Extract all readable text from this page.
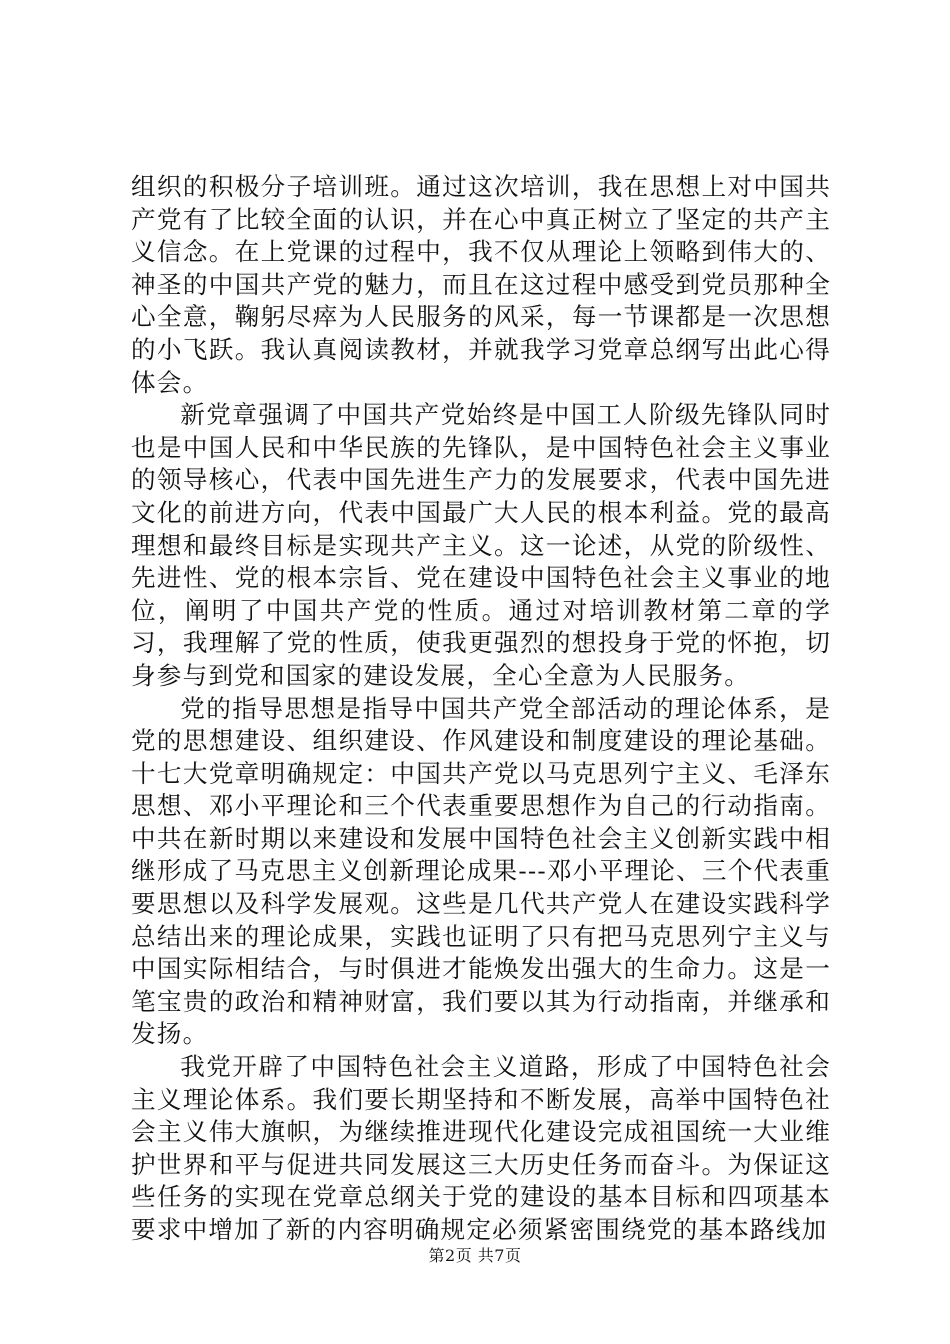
组织的积极分子培训班。通过这次培训，我在思想上对中国共产党有了比较全面的认识，并在心中真正树立了坚定的共产主义信念。在上党课的过程中，我不仅从理论上领略到伟大的、神圣的中国共产党的魅力，而且在这过程中感受到党员那种全心全意，鞠躬尽瘁为人民服务的风采，每一节课都是一次思想的小飞跃。我认真阅读教材，并就我学习党章总纲写出此心得体会。

新党章强调了中国共产党始终是中国工人阶级先锋队同时也是中国人民和中华民族的先锋队，是中国特色社会主义事业的领导核心，代表中国先进生产力的发展要求，代表中国先进文化的前进方向，代表中国最广大人民的根本利益。党的最高理想和最终目标是实现共产主义。这一论述，从党的阶级性、先进性、党的根本宗旨、党在建设中国特色社会主义事业的地位，阐明了中国共产党的性质。通过对培训教材第二章的学习，我理解了党的性质，使我更强烈的想投身于党的怀抱，切身参与到党和国家的建设发展，全心全意为人民服务。

党的指导思想是指导中国共产党全部活动的理论体系，是党的思想建设、组织建设、作风建设和制度建设的理论基础。十七大党章明确规定：中国共产党以马克思列宁主义、毛泽东思想、邓小平理论和三个代表重要思想作为自己的行动指南。中共在新时期以来建设和发展中国特色社会主义创新实践中相继形成了马克思主义创新理论成果---邓小平理论、三个代表重要思想以及科学发展观。这些是几代共产党人在建设实践科学总结出来的理论成果，实践也证明了只有把马克思列宁主义与中国实际相结合，与时俱进才能焕发出强大的生命力。这是一笔宝贵的政治和精神财富，我们要以其为行动指南，并继承和发扬。

我党开辟了中国特色社会主义道路，形成了中国特色社会主义理论体系。我们要长期坚持和不断发展，高举中国特色社会主义伟大旗帜，为继续推进现代化建设完成祖国统一大业维护世界和平与促进共同发展这三大历史任务而奋斗。为保证这些任务的实现在党章总纲关于党的建设的基本目标和四项基本要求中增加了新的内容明确规定必须紧密围绕党的基本路线加

第2页 共7页
